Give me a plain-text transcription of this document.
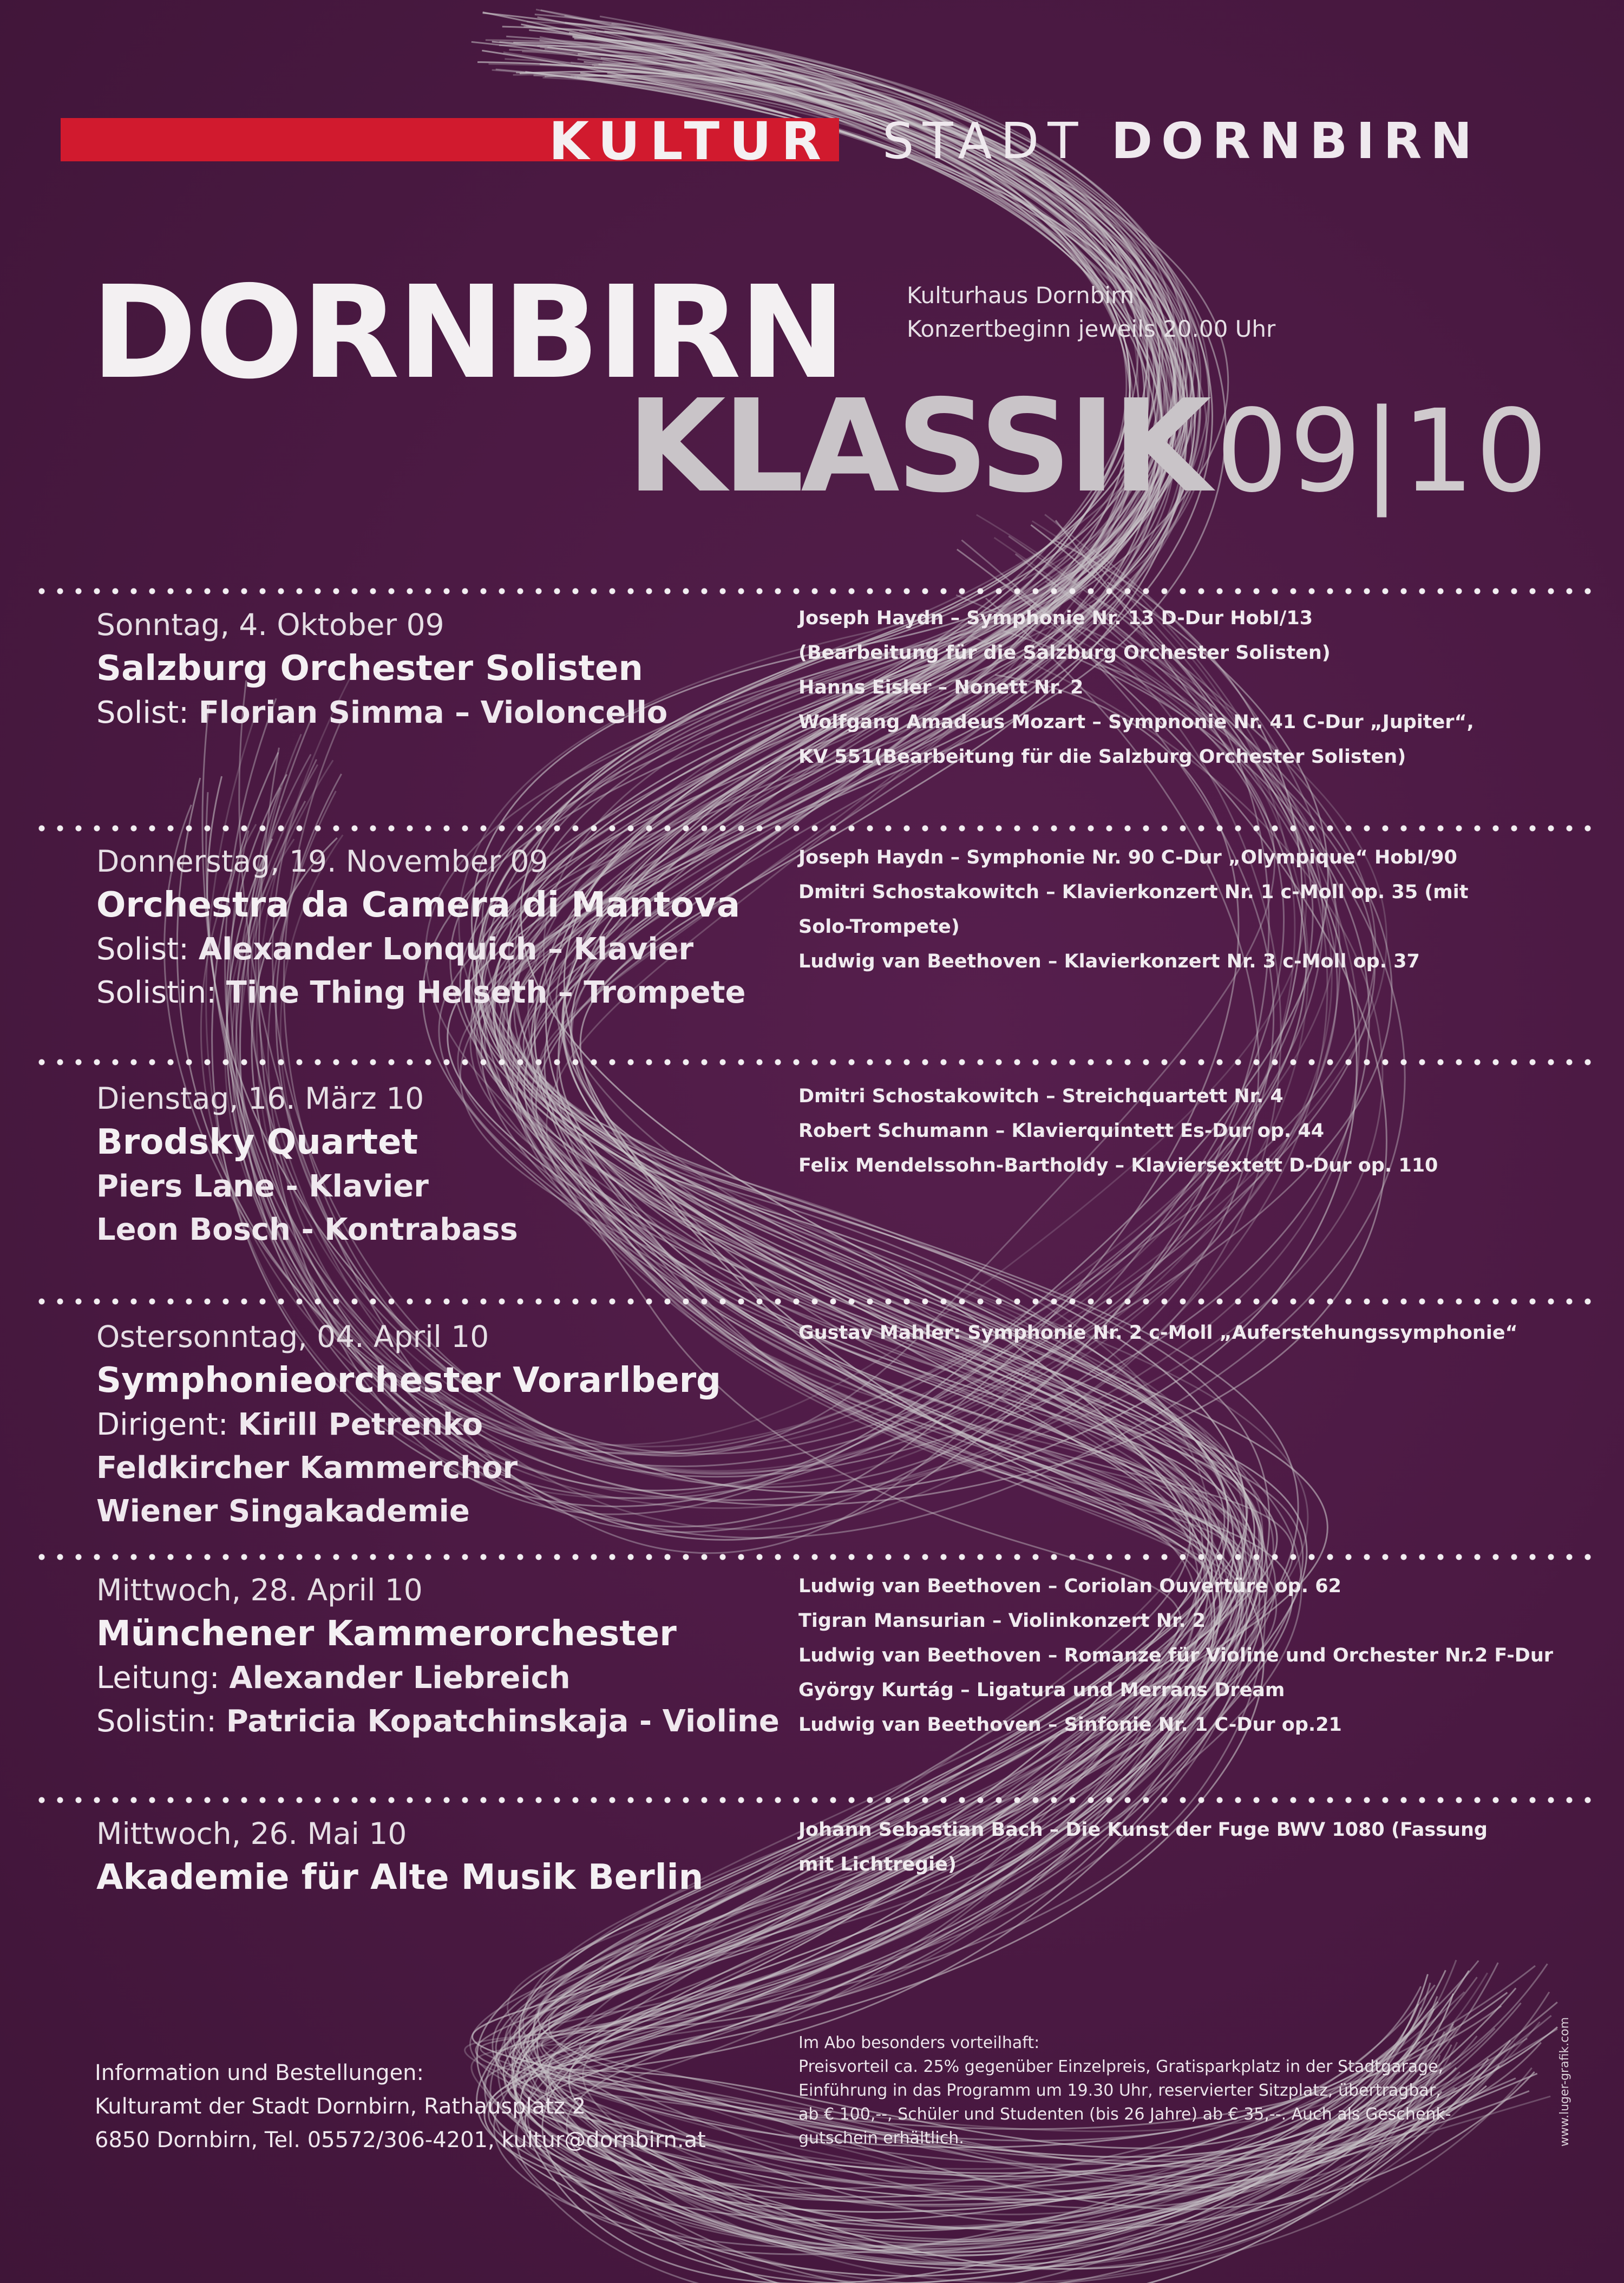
KULTUR STADT DORNBIRN
DORNBIRN
KLASSIK09|10
Kulturhaus Dornbirn
Konzertbeginn jeweils 20.00 Uhr
Sonntag, 4. Oktober 09
Salzburg Orchester Solisten
Solist: Florian Simma – Violoncello
Joseph Haydn – Symphonie Nr. 13 D-Dur HobI/13
(Bearbeitung für die Salzburg Orchester Solisten)
Hanns Eisler – Nonett Nr. 2
Wolfgang Amadeus Mozart – Sympnonie Nr. 41 C-Dur „Jupiter“,
KV 551(Bearbeitung für die Salzburg Orchester Solisten)
Donnerstag, 19. November 09
Orchestra da Camera di Mantova
Solist: Alexander Lonquich – Klavier
Solistin: Tine Thing Helseth – Trompete
Joseph Haydn – Symphonie Nr. 90 C-Dur „Olympique“ HobI/90
Dmitri Schostakowitch – Klavierkonzert Nr. 1 c-Moll op. 35 (mit
Solo-Trompete)
Ludwig van Beethoven – Klavierkonzert Nr. 3 c-Moll op. 37
Dienstag, 16. März 10
Brodsky Quartet
Piers Lane - Klavier
Leon Bosch - Kontrabass
Dmitri Schostakowitch – Streichquartett Nr. 4
Robert Schumann – Klavierquintett Es-Dur op. 44
Felix Mendelssohn-Bartholdy – Klaviersextett D-Dur op. 110
Ostersonntag, 04. April 10
Symphonieorchester Vorarlberg
Dirigent: Kirill Petrenko
Feldkircher Kammerchor
Wiener Singakademie
Gustav Mahler: Symphonie Nr. 2 c-Moll „Auferstehungssymphonie“
Mittwoch, 28. April 10
Münchener Kammerorchester
Leitung: Alexander Liebreich
Solistin: Patricia Kopatchinskaja - Violine
Ludwig van Beethoven – Coriolan Ouvertüre op. 62
Tigran Mansurian – Violinkonzert Nr. 2
Ludwig van Beethoven – Romanze für Violine und Orchester Nr.2 F-Dur
György Kurtág – Ligatura und Merrans Dream
Ludwig van Beethoven – Sinfonie Nr. 1 C-Dur op.21
Mittwoch, 26. Mai 10
Akademie für Alte Musik Berlin
Johann Sebastian Bach – Die Kunst der Fuge BWV 1080 (Fassung
mit Lichtregie)
Information und Bestellungen:
Kulturamt der Stadt Dornbirn, Rathausplatz 2
6850 Dornbirn, Tel. 05572/306-4201, kultur@dornbirn.at
Im Abo besonders vorteilhaft:
Preisvorteil ca. 25% gegenüber Einzelpreis, Gratisparkplatz in der Stadtgarage,
Einführung in das Programm um 19.30 Uhr, reservierter Sitzplatz, übertragbar,
ab € 100,--, Schüler und Studenten (bis 26 Jahre) ab € 35,--. Auch als Geschenk-
gutschein erhältlich.	www.luger-grafik.com
